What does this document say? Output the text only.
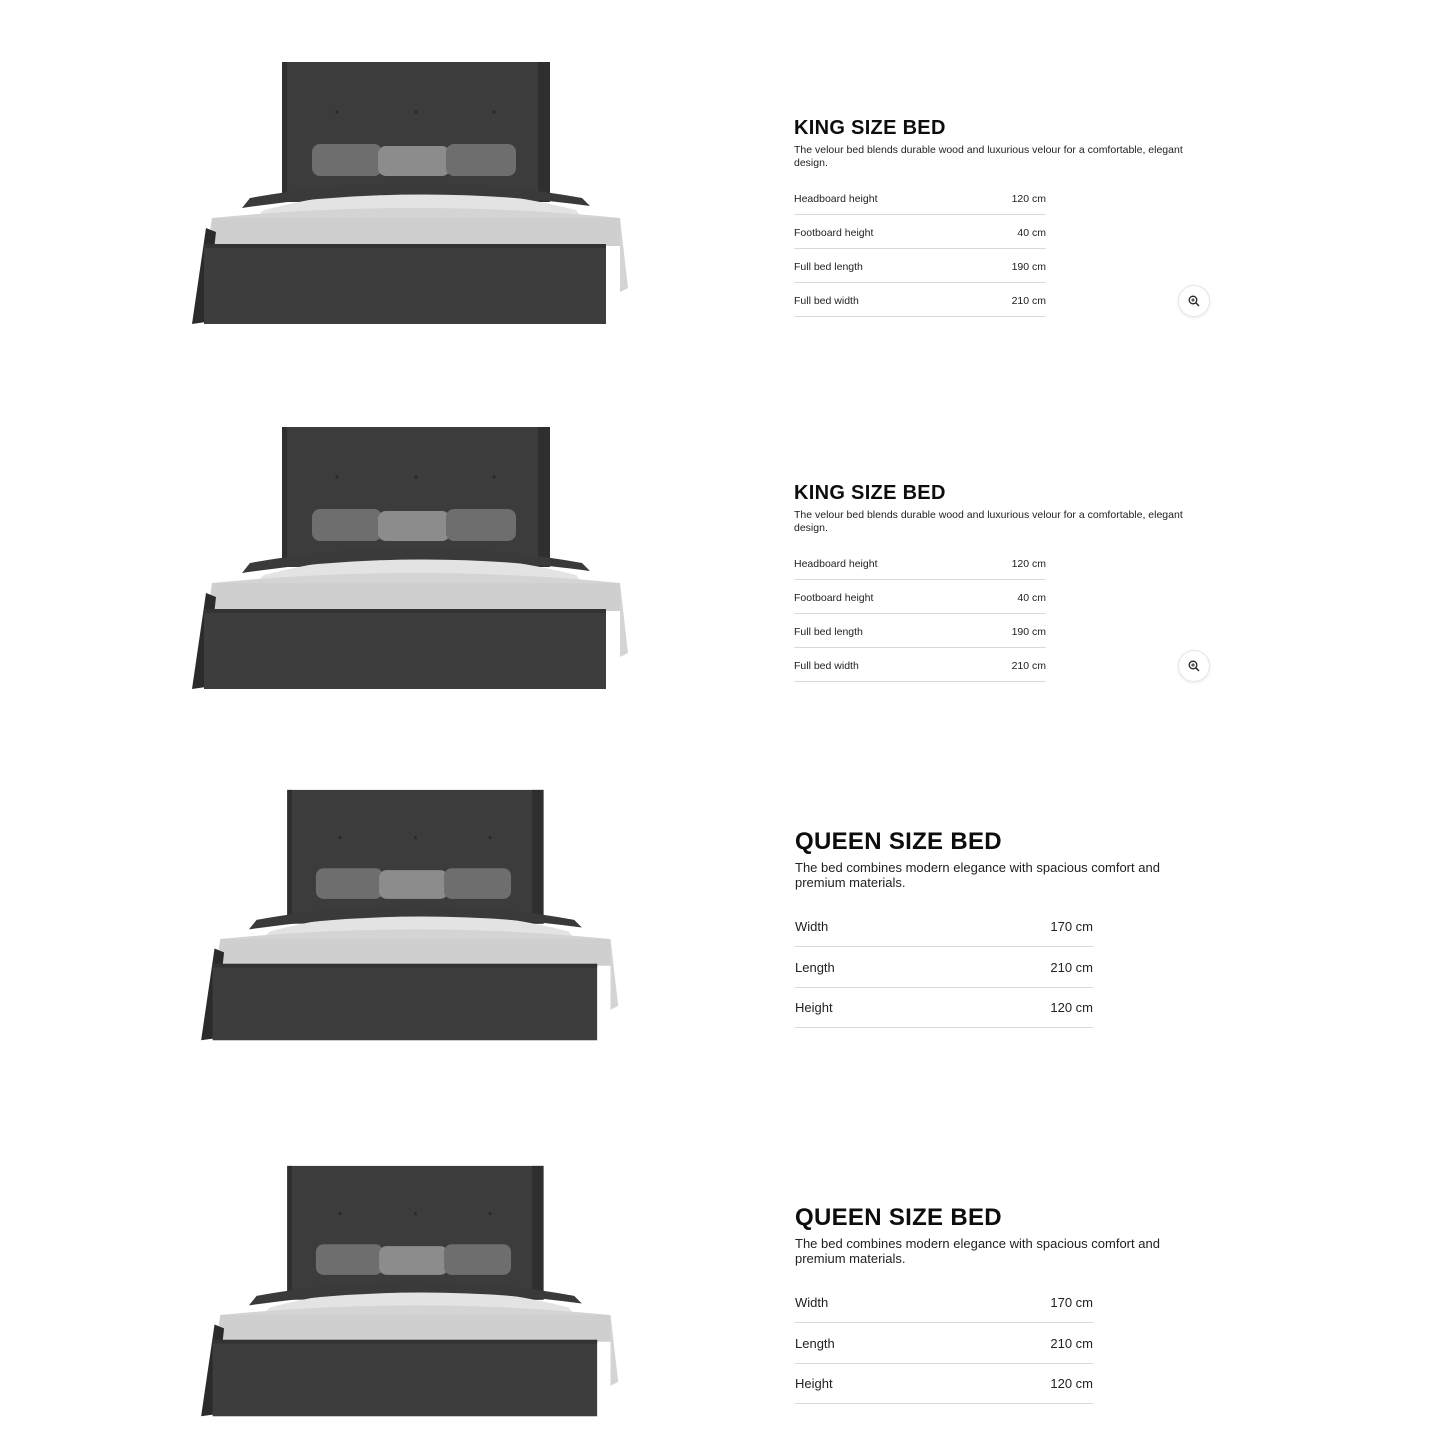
KING SIZE BED

The velour bed blends durable wood and luxurious velour for a comfortable, elegant design.

Headboard height	120 cm
Footboard height	40 cm
Full bed length	190 cm
Full bed width	210 cm
KING SIZE BED

The velour bed blends durable wood and luxurious velour for a comfortable, elegant design.

Headboard height	120 cm
Footboard height	40 cm
Full bed length	190 cm
Full bed width	210 cm
QUEEN SIZE BED

The bed combines modern elegance with spacious comfort and premium materials.

Width	170 cm
Length	210 cm
Height	120 cm
QUEEN SIZE BED

The bed combines modern elegance with spacious comfort and premium materials.

Width	170 cm
Length	210 cm
Height	120 cm
